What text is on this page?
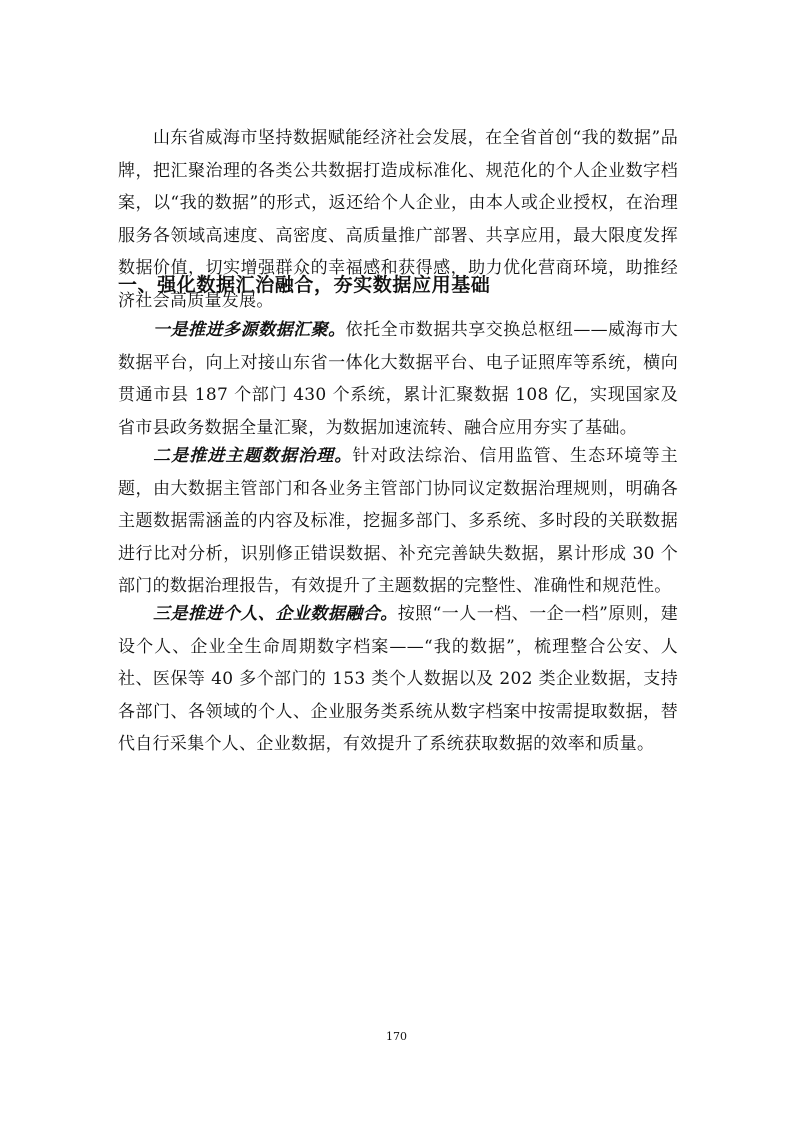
山东省威海市坚持数据赋能经济社会发展，在全省首创“我的数据”品牌，把汇聚治理的各类公共数据打造成标准化、规范化的个人企业数字档案，以“我的数据”的形式，返还给个人企业，由本人或企业授权，在治理服务各领域高速度、高密度、高质量推广部署、共享应用，最大限度发挥数据价值，切实增强群众的幸福感和获得感，助力优化营商环境，助推经济社会高质量发展。

一、强化数据汇治融合，夯实数据应用基础

一是推进多源数据汇聚。依托全市数据共享交换总枢纽——威海市大数据平台，向上对接山东省一体化大数据平台、电子证照库等系统，横向贯通市县 187 个部门 430 个系统，累计汇聚数据 108 亿，实现国家及省市县政务数据全量汇聚，为数据加速流转、融合应用夯实了基础。

二是推进主题数据治理。针对政法综治、信用监管、生态环境等主题，由大数据主管部门和各业务主管部门协同议定数据治理规则，明确各主题数据需涵盖的内容及标准，挖掘多部门、多系统、多时段的关联数据进行比对分析，识别修正错误数据、补充完善缺失数据，累计形成 30 个部门的数据治理报告，有效提升了主题数据的完整性、准确性和规范性。

三是推进个人、企业数据融合。按照“一人一档、一企一档”原则，建设个人、企业全生命周期数字档案——“我的数据”，梳理整合公安、人社、医保等 40 多个部门的 153 类个人数据以及 202 类企业数据，支持各部门、各领域的个人、企业服务类系统从数字档案中按需提取数据，替代自行采集个人、企业数据，有效提升了系统获取数据的效率和质量。

170
